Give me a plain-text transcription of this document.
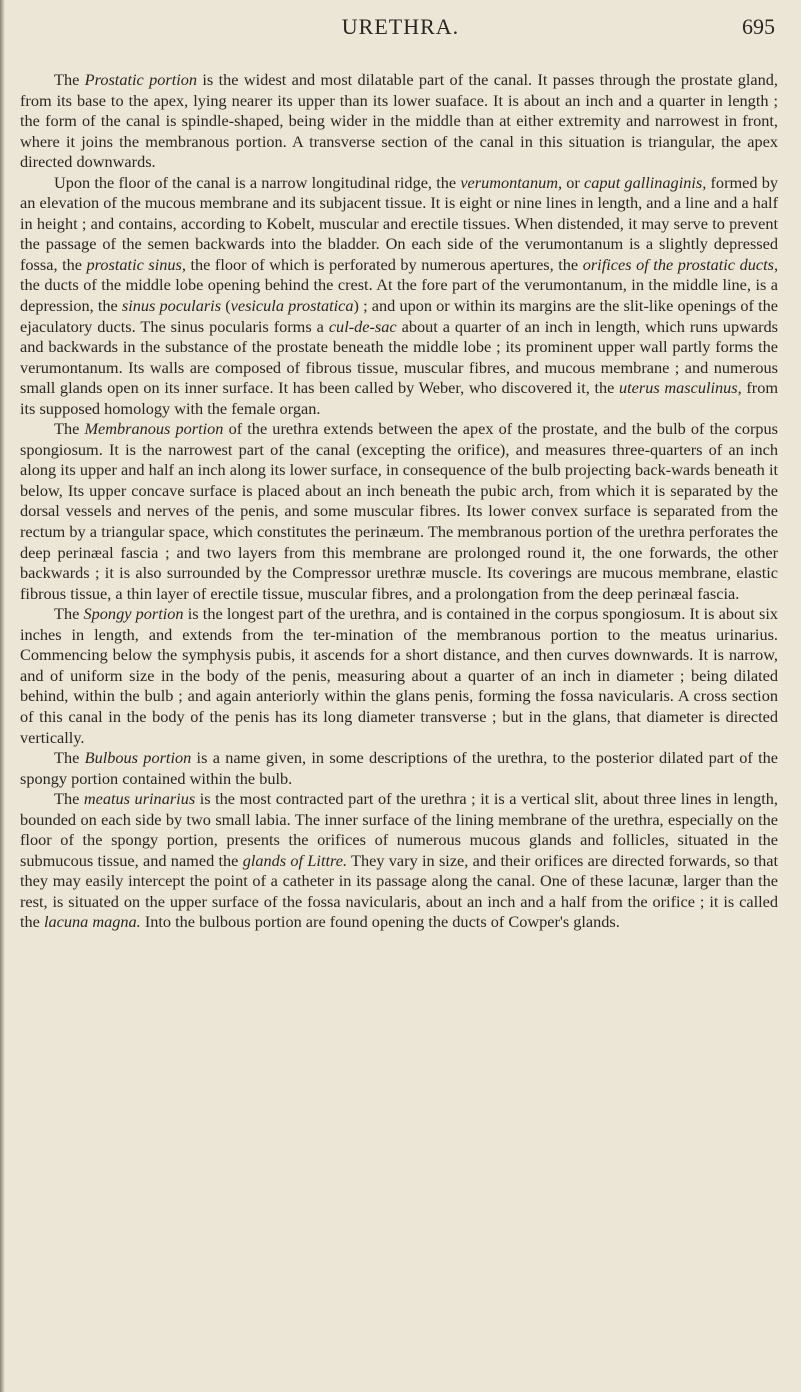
URETHRA.	695

The Prostatic portion is the widest and most dilatable part of the canal. It passes through the prostate gland, from its base to the apex, lying nearer its upper than its lower suaface. It is about an inch and a quarter in length ; the form of the canal is spindle-shaped, being wider in the middle than at either extremity and narrowest in front, where it joins the membranous portion. A transverse section of the canal in this situation is triangular, the apex directed downwards.

Upon the floor of the canal is a narrow longitudinal ridge, the verumontanum, or caput gallinaginis, formed by an elevation of the mucous membrane and its subjacent tissue. It is eight or nine lines in length, and a line and a half in height ; and contains, according to Kobelt, muscular and erectile tissues. When distended, it may serve to prevent the passage of the semen backwards into the bladder. On each side of the verumontanum is a slightly depressed fossa, the prostatic sinus, the floor of which is perforated by numerous apertures, the orifices of the prostatic ducts, the ducts of the middle lobe opening behind the crest. At the fore part of the verumontanum, in the middle line, is a depression, the sinus pocularis (vesicula prostatica) ; and upon or within its margins are the slit-like openings of the ejaculatory ducts. The sinus pocularis forms a cul-de-sac about a quarter of an inch in length, which runs upwards and backwards in the substance of the prostate beneath the middle lobe ; its prominent upper wall partly forms the verumontanum. Its walls are composed of fibrous tissue, muscular fibres, and mucous membrane ; and numerous small glands open on its inner surface. It has been called by Weber, who discovered it, the uterus masculinus, from its supposed homology with the female organ.

The Membranous portion of the urethra extends between the apex of the prostate, and the bulb of the corpus spongiosum. It is the narrowest part of the canal (excepting the orifice), and measures three-quarters of an inch along its upper and half an inch along its lower surface, in consequence of the bulb projecting back-wards beneath it below, Its upper concave surface is placed about an inch beneath the pubic arch, from which it is separated by the dorsal vessels and nerves of the penis, and some muscular fibres. Its lower convex surface is separated from the rectum by a triangular space, which constitutes the perinæum. The membranous portion of the urethra perforates the deep perinæal fascia ; and two layers from this membrane are prolonged round it, the one forwards, the other backwards ; it is also surrounded by the Compressor urethræ muscle. Its coverings are mucous membrane, elastic fibrous tissue, a thin layer of erectile tissue, muscular fibres, and a prolongation from the deep perinæal fascia.

The Spongy portion is the longest part of the urethra, and is contained in the corpus spongiosum. It is about six inches in length, and extends from the ter-mination of the membranous portion to the meatus urinarius. Commencing below the symphysis pubis, it ascends for a short distance, and then curves downwards. It is narrow, and of uniform size in the body of the penis, measuring about a quarter of an inch in diameter ; being dilated behind, within the bulb ; and again anteriorly within the glans penis, forming the fossa navicularis. A cross section of this canal in the body of the penis has its long diameter transverse ; but in the glans, that diameter is directed vertically.

The Bulbous portion is a name given, in some descriptions of the urethra, to the posterior dilated part of the spongy portion contained within the bulb.

The meatus urinarius is the most contracted part of the urethra ; it is a vertical slit, about three lines in length, bounded on each side by two small labia. The inner surface of the lining membrane of the urethra, especially on the floor of the spongy portion, presents the orifices of numerous mucous glands and follicles, situated in the submucous tissue, and named the glands of Littre. They vary in size, and their orifices are directed forwards, so that they may easily intercept the point of a catheter in its passage along the canal. One of these lacunæ, larger than the rest, is situated on the upper surface of the fossa navicularis, about an inch and a half from the orifice ; it is called the lacuna magna. Into the bulbous portion are found opening the ducts of Cowper's glands.
